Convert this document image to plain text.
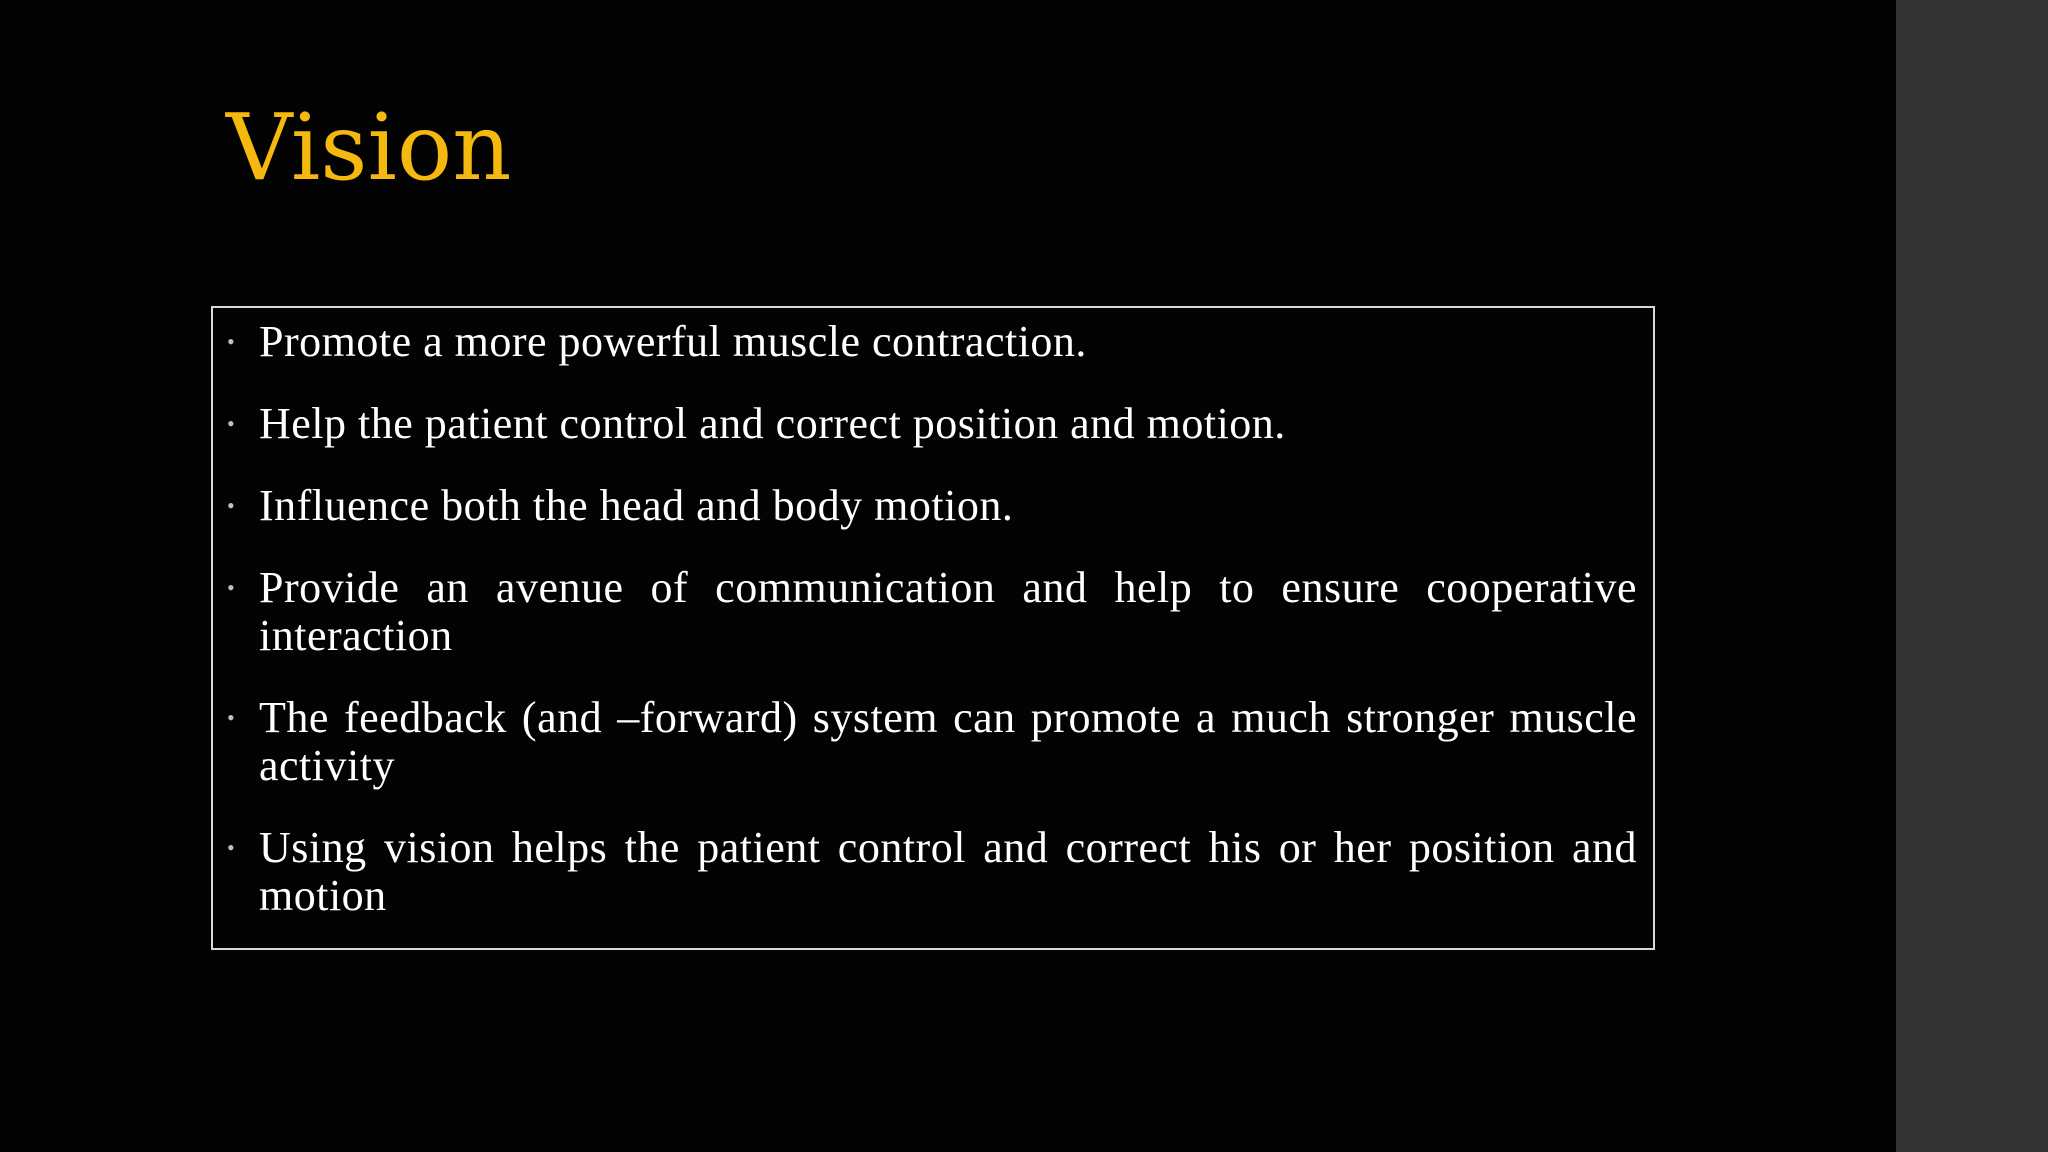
Vision
• Promote a more powerful muscle contraction.
• Help the patient control and correct position and motion.
• Influence both the head and body motion.
• Provide an avenue of communication and help to ensure cooperative interaction
• The feedback (and –forward) system can promote a much stronger muscle activity
• Using vision helps the patient control and correct his or her position and motion
